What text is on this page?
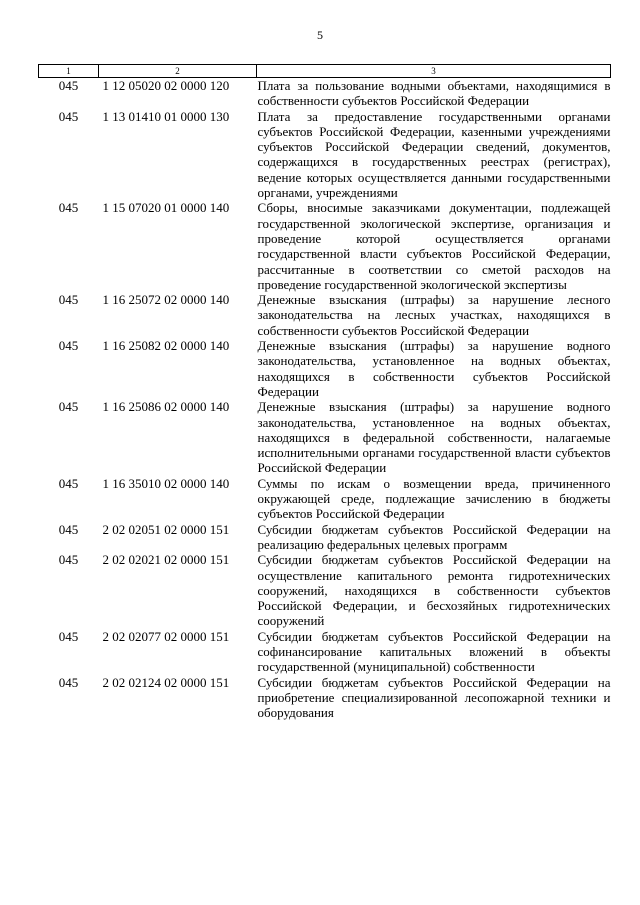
5
1	2	3
045	1 12 05020 02 0000 120	Плата за пользование водными объектами, находящимися в собственности субъектов Российской Федерации
045	1 13 01410 01 0000 130	Плата за предоставление государственными органами субъектов Российской Федерации, казенными учреждениями субъектов Российской Федерации сведений, документов, содержащихся в государственных реестрах (регистрах), ведение которых осуществляется данными государственными органами, учреждениями
045	1 15 07020 01 0000 140	Сборы, вносимые заказчиками документации, подлежащей государственной экологической экспертизе, организация и проведение которой осуществляется органами государственной власти субъектов Российской Федерации, рассчитанные в соответствии со сметой расходов на проведение государственной экологической экспертизы
045	1 16 25072 02 0000 140	Денежные взыскания (штрафы) за нарушение лесного законодательства на лесных участках, находящихся в собственности субъектов Российской Федерации
045	1 16 25082 02 0000 140	Денежные взыскания (штрафы) за нарушение водного законодательства, установленное на водных объектах, находящихся в собственности субъектов Российской Федерации
045	1 16 25086 02 0000 140	Денежные взыскания (штрафы) за нарушение водного законодательства, установленное на водных объектах, находящихся в федеральной собственности, налагаемые исполнительными органами государственной власти субъектов Российской Федерации
045	1 16 35010 02 0000 140	Суммы по искам о возмещении вреда, причиненного окружающей среде, подлежащие зачислению в бюджеты субъектов Российской Федерации
045	2 02 02051 02 0000 151	Субсидии бюджетам субъектов Российской Федерации на реализацию федеральных целевых программ
045	2 02 02021 02 0000 151	Субсидии бюджетам субъектов Российской Федерации на осуществление капитального ремонта гидротехнических сооружений, находящихся в собственности субъектов Российской Федерации, и бесхозяйных гидротехнических сооружений
045	2 02 02077 02 0000 151	Субсидии бюджетам субъектов Российской Федерации на софинансирование капитальных вложений в объекты государственной (муниципальной) собственности
045	2 02 02124 02 0000 151	Субсидии бюджетам субъектов Российской Федерации на приобретение специализированной лесопожарной техники и оборудования
